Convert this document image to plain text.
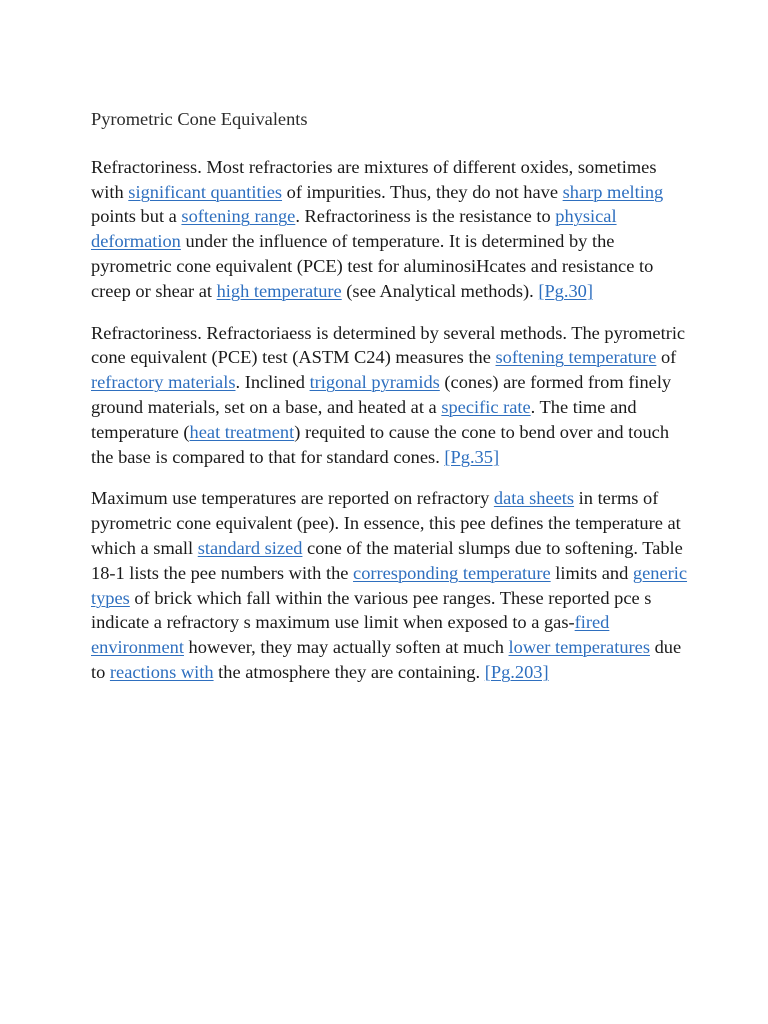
Pyrometric Cone Equivalents

Refractoriness. Most refractories are mixtures of different oxides, sometimes with significant quantities of impurities. Thus, they do not have sharp melting points but a softening range. Refractoriness is the resistance to physical deformation under the influence of temperature. It is determined by the pyrometric cone equivalent (PCE) test for aluminosiHcates and resistance to creep or shear at high temperature (see Analytical methods). [Pg.30]

Refractoriness. Refractoriaess is determined by several methods. The pyrometric cone equivalent (PCE) test (ASTM C24) measures the softening temperature of refractory materials. Inclined trigonal pyramids (cones) are formed from finely ground materials, set on a base, and heated at a specific rate. The time and temperature (heat treatment) requited to cause the cone to bend over and touch the base is compared to that for standard cones. [Pg.35]

Maximum use temperatures are reported on refractory data sheets in terms of pyrometric cone equivalent (pee). In essence, this pee defines the temperature at which a small standard sized cone of the material slumps due to softening. Table 18-1 lists the pee numbers with the corresponding temperature limits and generic types of brick which fall within the various pee ranges. These reported pce s indicate a refractory s maximum use limit when exposed to a gas-fired environment however, they may actually soften at much lower temperatures due to reactions with the atmosphere they are containing. [Pg.203]
